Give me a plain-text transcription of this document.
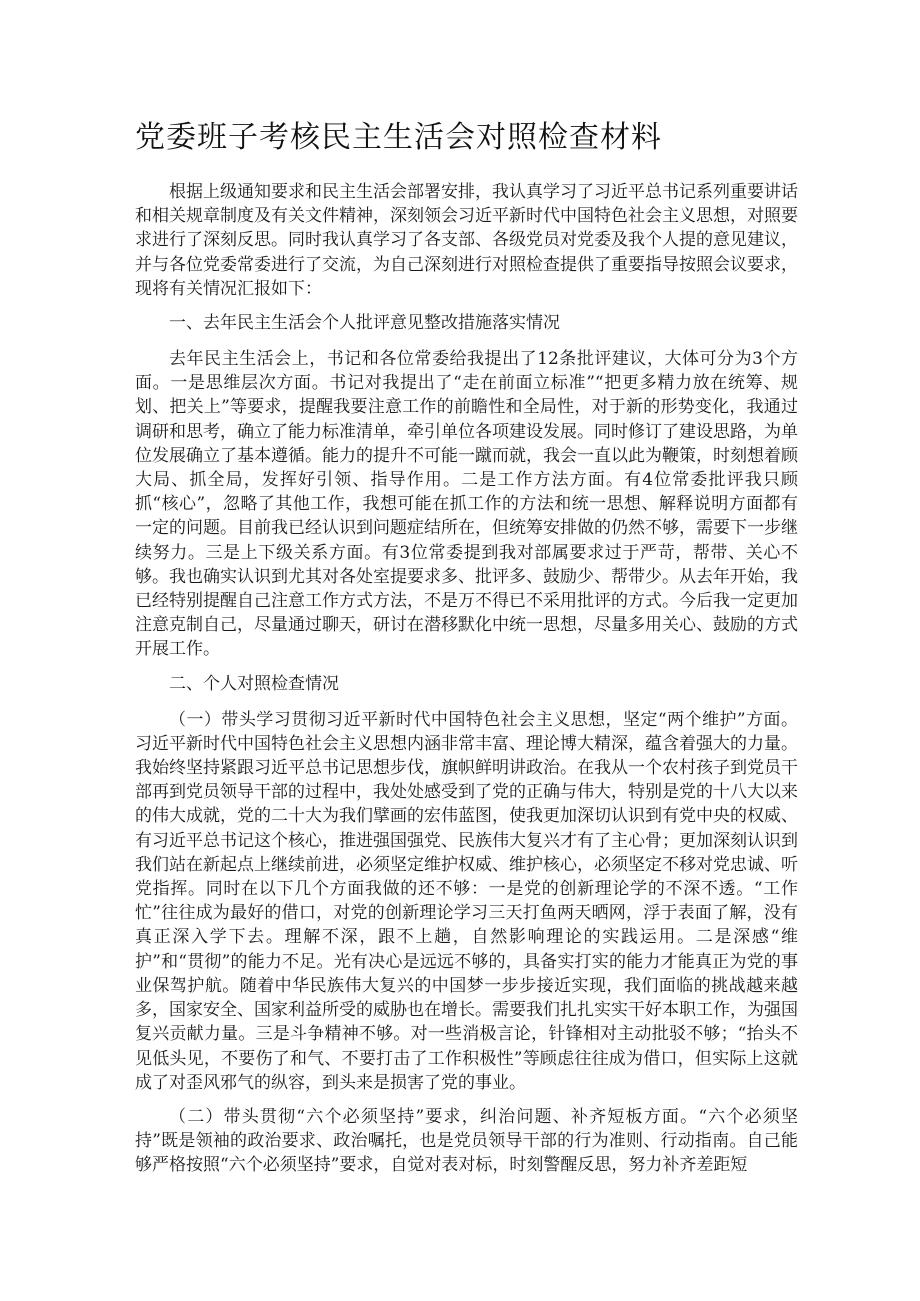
党委班子考核民主生活会对照检查材料

根据上级通知要求和民主生活会部署安排，我认真学习了习近平总书记系列重要讲话和相关规章制度及有关文件精神，深刻领会习近平新时代中国特色社会主义思想，对照要求进行了深刻反思。同时我认真学习了各支部、各级党员对党委及我个人提的意见建议，并与各位党委常委进行了交流，为自己深刻进行对照检查提供了重要指导按照会议要求，现将有关情况汇报如下：

一、去年民主生活会个人批评意见整改措施落实情况

去年民主生活会上，书记和各位常委给我提出了12条批评建议，大体可分为3个方面。一是思维层次方面。书记对我提出了“走在前面立标准”“把更多精力放在统筹、规划、把关上”等要求，提醒我要注意工作的前瞻性和全局性，对于新的形势变化，我通过调研和思考，确立了能力标准清单，牵引单位各项建设发展。同时修订了建设思路，为单位发展确立了基本遵循。能力的提升不可能一蹴而就，我会一直以此为鞭策，时刻想着顾大局、抓全局，发挥好引领、指导作用。二是工作方法方面。有4位常委批评我只顾抓“核心”，忽略了其他工作，我想可能在抓工作的方法和统一思想、解释说明方面都有一定的问题。目前我已经认识到问题症结所在，但统筹安排做的仍然不够，需要下一步继续努力。三是上下级关系方面。有3位常委提到我对部属要求过于严苛，帮带、关心不够。我也确实认识到尤其对各处室提要求多、批评多、鼓励少、帮带少。从去年开始，我已经特别提醒自己注意工作方式方法，不是万不得已不采用批评的方式。今后我一定更加注意克制自己，尽量通过聊天，研讨在潜移默化中统一思想，尽量多用关心、鼓励的方式开展工作。

二、个人对照检查情况

（一）带头学习贯彻习近平新时代中国特色社会主义思想，坚定“两个维护”方面。习近平新时代中国特色社会主义思想内涵非常丰富、理论博大精深，蕴含着强大的力量。我始终坚持紧跟习近平总书记思想步伐，旗帜鲜明讲政治。在我从一个农村孩子到党员干部再到党员领导干部的过程中，我处处感受到了党的正确与伟大，特别是党的十八大以来的伟大成就，党的二十大为我们擘画的宏伟蓝图，使我更加深切认识到有党中央的权威、有习近平总书记这个核心，推进强国强党、民族伟大复兴才有了主心骨；更加深刻认识到我们站在新起点上继续前进，必须坚定维护权威、维护核心，必须坚定不移对党忠诚、听党指挥。同时在以下几个方面我做的还不够：一是党的创新理论学的不深不透。“工作忙”往往成为最好的借口，对党的创新理论学习三天打鱼两天晒网，浮于表面了解，没有真正深入学下去。理解不深，跟不上趟，自然影响理论的实践运用。二是深感“维护”和“贯彻”的能力不足。光有决心是远远不够的，具备实打实的能力才能真正为党的事业保驾护航。随着中华民族伟大复兴的中国梦一步步接近实现，我们面临的挑战越来越多，国家安全、国家利益所受的威胁也在增长。需要我们扎扎实实干好本职工作，为强国复兴贡献力量。三是斗争精神不够。对一些消极言论，针锋相对主动批驳不够；“抬头不见低头见，不要伤了和气、不要打击了工作积极性”等顾虑往往成为借口，但实际上这就成了对歪风邪气的纵容，到头来是损害了党的事业。

（二）带头贯彻“六个必须坚持”要求，纠治问题、补齐短板方面。“六个必须坚持”既是领袖的政治要求、政治嘱托，也是党员领导干部的行为准则、行动指南。自己能够严格按照“六个必须坚持”要求，自觉对表对标，时刻警醒反思，努力补齐差距短
